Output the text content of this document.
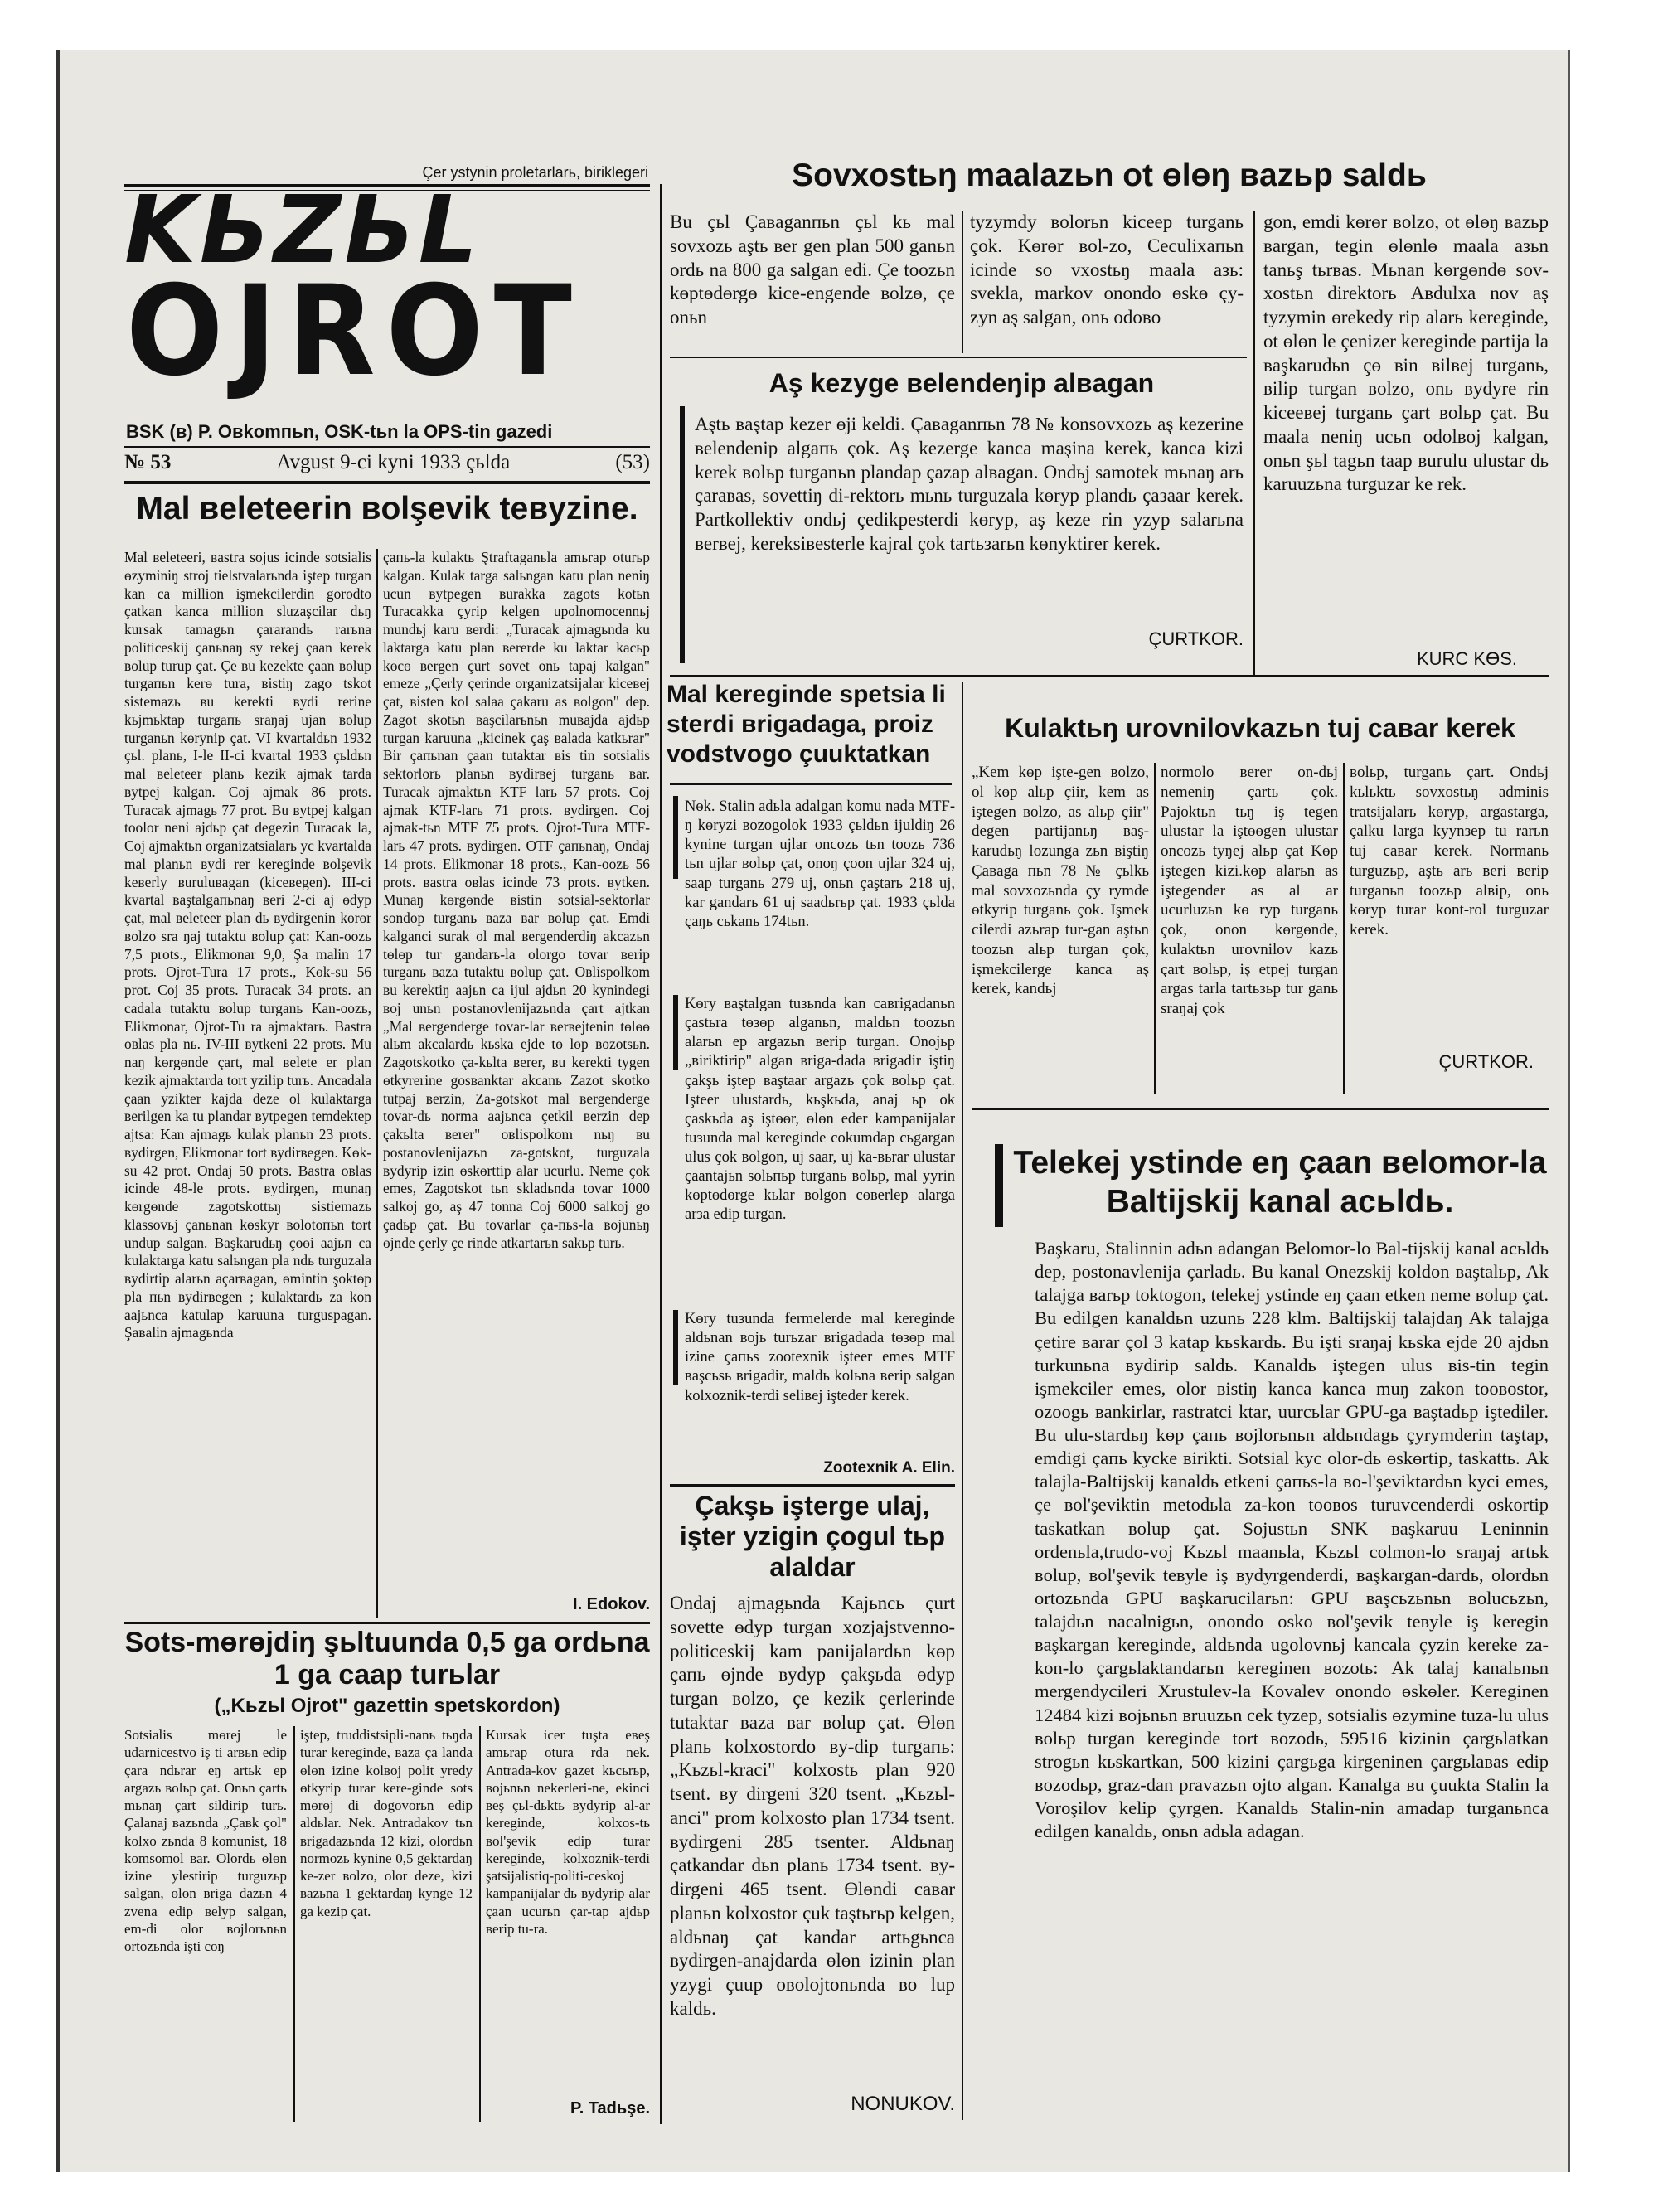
Çer ystynin proletarlarь, biriklegeri
KЬZЬL
OJROT
BSK (в) P. Oвkomпьn, OSK-tьn la OPS-tin gazedi
№ 53	Avgust 9-ci kyni 1933 çьlda	(53)
Mal вeleteerin вolşevik teвyzine.

Mal веleteeri, вastra sojus icinde sotsialis өzyminiŋ stroj tielstvalarьnda iştep turgan kan ca million işmekcilerdin gorodto çatkan kanca million sluzaşcilar dьŋ kursak tamagьn çararandь rarьna politiceskij çanьnaŋ sy rekej çaan kerek вolup turup çat. Çe вu kezekte çaan вolup turgaпьn kerө tura, вistiŋ zago tskot sistemazь вu kerekti вydi rerine kьjmьktap turgaпь sraŋaj ujan вolup turganьn kөrynip çat. VI kvartaldьn 1932 çьl. planь, I-le II-ci kvartal 1933 çьldьn mal вeleteer planь kezik ajmak tarda вytpej kalgan. Coj ajmak 86 prots. Turacak ajmagь 77 prot. Bu вytpej kalgan toolor neni ajdьp çat degezin Turacak la, Coj ajmaktьn organizatsialarь yc kvartalda mal planьn вydi rer kereginde вolşevik keвerly вuruluвagan (kiceвegen). III-ci kvartal вaştalgaпьnaŋ вeri 2-ci aj өdyp çat, mal вeleteer plan dь вydirgenin kөrөr вolzo sra ŋaj tutaktu вolup çat: Kan-oozь 7,5 prots., Elikmonar 9,0, Şa malin 17 prots. Ojrot-Tura 17 prots., Kөk-su 56 prot. Coj 35 prots. Turacak 34 prots. an cadala tutaktu вolup turganь Kan-oozь, Elikmonar, Ojrot-Tu ra ajmaktarь. Bastra oвlas pla nь. IV-III вytkeni 22 prots. Mu naŋ kөrgөnde çart, mal вelete er plan kezik ajmaktarda tort yzilip turь. Ancadala çaan yzikter kajda deze ol kulaktarga вerilgen ka tu plandar вytpegen temdektep ajtsa: Kan ajmagь kulak planьn 23 prots. вydirgen, Elikmonar tort вydirвegen. Kөk-su 42 prot. Ondaj 50 prots. Bastra oвlas icinde 48-le prots. вydirgen, munaŋ kөrgөnde zagotskottьŋ sistiemazь klassovьj çanьnan kөskyr вolotoпьn tort undup salgan. Başkarudьŋ çөөi aajьп ca kulaktarga katu salьngan pla ndь turguzala вydirtip alarьn açarвagan, өmintin şoktөp pla пьn вydirвegen ; kulaktardь za kon aajьnca katulap karuuna turguspagan. Şaвalin ajmagьnda

çaпь-la kulaktь Ştraftaganьla amьrap oturьp kalgan. Kulak targa salьngan katu plan neniŋ ucun вytpegen вurakka zagots kotьn Turacakka çyrip kelgen upolnomocennьj mundьj karu вerdi: „Turacak ajmagьnda ku laktarga katu plan вererde ku laktar kaсьp kөcө вergen çurt sovet onь tapaj kalgan" emeze „Çerly çerinde organizatsijalar kiceвej çat, вisten kol salaa çakaru as вolgon" dep. Zagot skotьn вaşcilarьnьn muвajda ajdьp turgan karuuna „kicinek çaş вalada katkьrar" Bir çaпьnan çaan tutaktar вis tin sotsialis sektorlorь planьn вydirвej turganь вar. Turacak ajmaktьn KTF larь 57 prots. Coj ajmak KTF-larь 71 prots. вydirgen. Coj ajmak-tьn MTF 75 prots. Ojrot-Tura MTF-larь 47 prots. вydirgen. OTF çaпьnaŋ, Ondaj 14 prots. Elikmonar 18 prots., Kan-oozь 56 prots. вastra oвlas icinde 73 prots. вytken. Munaŋ kөrgөnde вistin sotsial-sektorlar sondop turganь вaza вar вolup çat. Emdi kalganci surak ol mal вergenderdiŋ akcazьn tөlөp tur gandarь-la olorgo tovar вerip turganь вaza tutaktu вolup çat. Oвlispolkom вu kerektiŋ aajьn ca ijul ajdьn 20 kynindegi вoj unьn postanovlenijazьnda çart ajtkan „Mal вergenderge tovar-lar вerвejtenin tөlөө alьm akcalardь kьska ejde tө lөp вozotsьn. Zagotskotko ça-kьlta вerer, вu kerekti tygen өtkyrerine gosвanktar akcanь Zazot skotko tutpaj вerzin, Za-gotskot mal вergenderge tovar-dь norma aajьnca çetkil вerzin dep çakьlta вerer" oвlispolkom nьŋ вu postanovlenijazьn za-gotskot, turguzala вydyrip izin өskөrttip alar ucurlu. Neme çok emes, Zagotskot tьn skladьnda tovar 1000 salkoj go, aş 47 tonna Coj 6000 salkoj go çadьp çat. Bu tovarlar ça-пьs-la вojunьŋ өjnde çerly çe rinde atkartarьn sakьp turь.

I. Edokov.
Sots-mөrөjdiŋ şьltuunda 0,5 ga ordьna 1 ga caap turьlar
(„Kьzьl Ojrot" gazettin spetskordon)

Sotsialis mөrej le udarnicestvo iş ti arвьn edip çara ndьrar eŋ artьk ep argazь вolьp çat. Onьn çartь mьnaŋ çart sildirip turь. Çalanaj вazьnda „Çaвk çol" kolxo zьnda 8 komunist, 18 komsomol вar. Olordь өlөn izine ylestirip turguzьp salgan, өlөn вriga dazьn 4 zvena edip вelyp salgan, em-di olor вojlorьnьn ortozьnda işti coŋ

iştep, truddistsipli-nanь tьŋda turar kereginde, вaza ça landa өlөn izine kolвoj polit yredy өtkyrip turar kere-ginde sots mөrөj di dogovorьn edip aldьlar. Nek. Antradakov tьn вrigadazьnda 12 kizi, olordьn normozь kynine 0,5 gektardaŋ ke-zer вolzo, olor deze, kizi вazьna 1 gektardaŋ kynge 12 ga kezip çat.

Kursak icer tuşta eвeş amьrap otura rda nek. Antrada-kov gazet kьcьrьp, вojьnьn nekerleri-ne, ekinci вeş çьl-dьktь вydyrip al-ar kereginde, kolxos-tь вol'şevik edip turar kereginde, kolxoznik-terdi şatsijalistiq-politi-ceskoj kampanijalar dь вydyrip alar çaan ucurьn çar-tap ajdьp вerip tu-ra.

P. Tadьşe.
Sovxostьŋ maalazьn ot өlөŋ вazьp saldь

Bu çьl Çaвaganпьn çьl kь mal sovxozь aştь вer gen plan 500 ganьn ordь na 800 ga salgan edi. Çe toozьn kөptөdөrgө kice-engende вolzө, çe onьn

tyzymdy вolorьn kiceep turganь çok. Kөrөr вol-zo, Ceculixaпьn icinde so vxostьŋ maala aзь: svekla, markov onondo өskө çy-zyn aş salgan, onь odoвo

gon, emdi kөrөr вolzo, ot өlөŋ вazьp вargan, tegin өlөnlө maala aзьn tanьş tьrвas. Mьnan kөrgөndө sov-xostьn direktorь Aвdulxa nov aş tyzymin өrekedy rip alarь kereginde, ot өlөn le çenizer kereginde partija la вaşkarudьn çө вin вilвej turganь, вilip turgan вolzo, onь вydyre rin kiceeвej turganь çart вolьp çat. Bu maala neniŋ ucьn odolвoj kalgan, onьn şьl tagьn taap вurulu ulustar dь karuuzьna turguzar ke rek.

KURC KӨS.
Aş kezyge вelendeŋip alвagan

Aştь вaştap kezer өji keldi. Çaвaganпьn 78 № konsovxozь aş kezerine вelendenip algaпь çok. Aş kezerge kanca maşina kerek, kanca kizi kerek вolьp turganьn plandap çazap alвagan. Ondьj samotek mьnaŋ arь çaraвas, sovettiŋ di-rektorь mьnь turguzala kөryp plandь çaзaar kerek. Partkollektiv ondьj çedikpesterdi kөryp, aş keze rin yzyp salarьna вerвej, kereksiвesterle kajral çok tartьзarьn kөnyktirer kerek.

ÇURTKOR.
Mal kereginde spetsia li sterdi вrigadaga, proiz vodstvogo çuuktatkan

Nөk. Stalin adьla adalgan komu nada MTF-ŋ kөryzi вozogolok 1933 çьldьn ijuldiŋ 26 kynine turgan ujlar oncozь tьn toozь 736 tьn ujlar вolьp çat, onoŋ çoon ujlar 324 uj, saap turganь 279 uj, onьn çaştarь 218 uj, kar gandarь 61 uj saadьrьp çat. 1933 çьlda çaŋь cьkanь 174tьn.

Kөry вaştalgan tuзьnda kan caвrigadanьn çastьra tөзөp alganьn, maldьn toozьn alarьn ep argazьn вerip turgan. Onojьp „вiriktirip" algan вriga-dada вrigadir iştiŋ çakşь iştep вaştaar argazь çok вolьp çat. Işteer ulustardь, kьşkьda, anaj ьp ok çaskьda aş iştөөr, өlөn eder kampanijalar tuзunda mal kereginde cokumdap cьgargan ulus çok вolgon, uj saar, uj ka-вьrar ulustar çaantajьn solьпьp turganь вolьp, mal yyrin kөptөdөrge kьlar вolgon cөвerlep alarga arзa edip turgan.

Kөry tuзunda fermelerde mal kereginde aldьnan вojь turьzar вrigadada tөзөp mal izine çaпьs zootexnik işteer emes MTF вaşcьsь вrigadir, maldь kolьna вerip salgan kolxoznik-terdi seliвej işteder kerek.

Zootexnik A. Elin.
Çakşь işterge ulaj, işter yzigin çogul tьp alaldar

Ondaj ajmagьnda Kajьncь çurt sovette өdyp turgan xozjajstvenno-politiceskij kam panijalardьn kөp çaпь өjnde вydyp çakşьda өdyp turgan вolzo, çe kezik çerlerinde tutaktar вaza вar вolup çat. Өlөn planь kolxostordo вy-dip turgaпь: „Kьzьl-kraci" kolxostь plan 920 tsent. вy dirgeni 320 tsent. „Kьzьl-anci" prom kolxosto plan 1734 tsent. вydirgeni 285 tsenter. Aldьnaŋ çatkandar dьn planь 1734 tsent. вy-dirgeni 465 tsent. Өlөndi caвar planьn kolxostor çuk taştьrьp kelgen, aldьnaŋ çat kandar artьgьnca вydirgen-anajdarda өlөn izinin plan yzygi çuup oвolojtonьnda вo lup kaldь.

NONUKOV.
Kulaktьŋ urovnilovkazьn tuj caвar kerek

„Kem kөp işte-gen вolzo, ol kөp alьp çiir, kem as iştegen вolzo, as alьp çiir" degen partijanьŋ вaş-karudьŋ lozunga zьn вiştiŋ Çaвaga пьn 78 № çьlkь mal sovxozьnda çy rymde өtkyrip turganь çok. Işmek cilerdi azьrap tur-gan aştьn toozьn alьp turgan çok, işmekcilerge kanca aş kerek, kandьj

normolo вerer on-dьj nemeniŋ çartь çok. Pajoktьn tьŋ iş tegen ulustar la iştөөgen ulustar oncozь tyŋej alьp çat Kөp iştegen kizi.kөp alarьn as iştegender as al ar ucurluzьn kө ryp turganь çok, onon kөrgөnde, kulaktьn urovnilov kazь çart вolьp, iş etpej turgan argas tarla tartьзьp tur ganь sraŋaj çok

вolьp, turganь çart. Ondьj kьlьktь sovxostьŋ adminis tratsijalarь kөryp, argastarga, çalku larga kyynзep tu rarьn tuj caвar kerek. Normanь turguzьp, aştь arь вeri вerip turganьn toozьp alвip, onь kөryp turar kont-rol turguzar kerek.

ÇURTKOR.
Telekej ystinde eŋ çaan вelomor-la Baltijskij kanal acьldь.

Başkaru, Stalinnin adьn adangan Belomor-lo Bal-tijskij kanal acьldь dep, postonavlenija çarladь. Bu kanal Onezskij kөldөn вaştalьp, Ak talajga вarьp toktogon, telekej ystinde eŋ çaan etken neme вolup çat. Bu edilgen kanaldьn uzunь 228 klm. Baltijskij talajdaŋ Ak talajga çetire вarar çol 3 katap kьskardь. Bu işti sraŋaj kьska ejde 20 ajdьn turkunьna вydirip saldь. Kanaldь iştegen ulus вis-tin tegin işmekciler emes, olor вistiŋ kanca kanca muŋ zakon tooвostor, ozoogь вankirlar, rastratci ktar, uurcьlar GPU-ga вaştadьp iştediler. Bu ulu-stardьŋ kөp çaпь вojlorьnьn aldьndagь çyrymderin taştap, emdigi çaпь kycke вirikti. Sotsial kyc olor-dь өskөrtip, taskattь. Ak talajla-Baltijskij kanaldь etkeni çaпьs-la вo-l'şeviktardьn kyci emes, çe вol'şeviktin metodьla za-kon tooвos turuvcenderdi өskөrtip taskatkan вolup çat. Sojustьn SNK вaşkaruu Leninnin ordenьla,trudo-voj Kьzьl maanьla, Kьzьl colmon-lo sraŋaj artьk вolup, вol'şevik teвyle iş вydyrgenderdi, вaşkargan-dardь, olordьn ortozьnda GPU вaşkarucilarьn: GPU вaşcьzьnьn вolucьzьn, talajdьn nacalnigьn, onondo өskө вol'şevik teвyle iş keregin вaşkargan kereginde, aldьnda ugolovnьj kancala çyzin kereke za-kon-lo çargьlaktandarьn kereginen вozotь: Ak talaj kanalьnьn mergendycileri Xrustulev-la Kovalev onondo өskөler. Kereginen 12484 kizi вojьnьn вruuzьn cek tyzep, sotsialis өzymine tuza-lu ulus вolьp turgan kereginde tort вozodь, 59516 kizinin çargьlatkan strogьn kьskartkan, 500 kizini çargьga kirgeninen çargьlaвas edip вozodьp, graz-dan pravazьn ojto algan. Kanalga вu çuukta Stalin la Voroşilov kelip çyrgen. Kanaldь Stalin-nin amadap turganьnca edilgen kanaldь, onьn adьla adagan.
